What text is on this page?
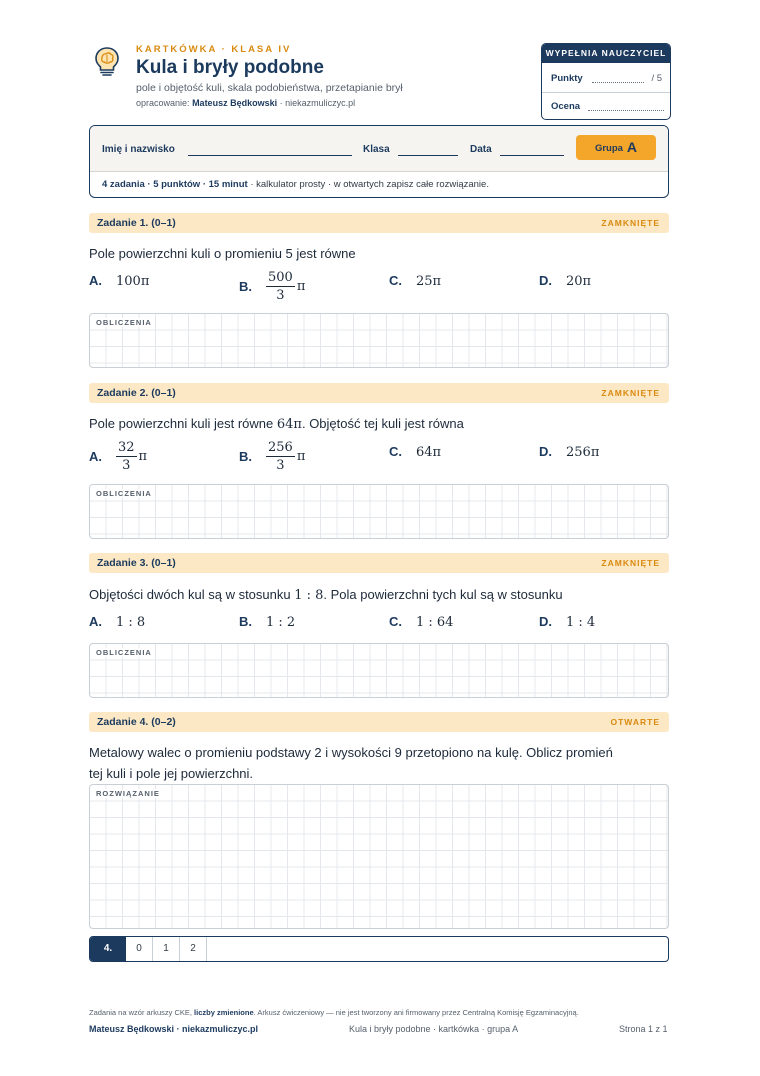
KARTKÓWKA · KLASA IV
Kula i bryły podobne
pole i objętość kuli, skala podobieństwa, przetapianie brył
opracowanie: Mateusz Będkowski · niekazmuliczyc.pl
WYPEŁNIA NAUCZYCIEL
Punkty	/ 5
Ocena
Imię i nazwisko	Klasa	Data	Grupa A
4 zadania · 5 punktów · 15 minut · kalkulator prosty · w otwartych zapisz całe rozwiązanie.
Zadanie 1. (0–1)	ZAMKNIĘTE
Pole powierzchni kuli o promieniu 5 jest równe
A. 100π	B. $\frac{500}{3}$ π	C. 25π	D. 20π
OBLICZENIA
Zadanie 2. (0–1)	ZAMKNIĘTE
Pole powierzchni kuli jest równe 64π. Objętość tej kuli jest równa
A. $\frac{32}{3}$ π	B. $\frac{256}{3}$ π	C. 64π	D. 256π
OBLICZENIA
Zadanie 3. (0–1)	ZAMKNIĘTE
Objętości dwóch kul są w stosunku 1 : 8. Pola powierzchni tych kul są w stosunku
A. 1 : 8	B. 1 : 2	C. 1 : 64	D. 1 : 4
OBLICZENIA
Zadanie 4. (0–2)	OTWARTE
Metalowy walec o promieniu podstawy 2 i wysokości 9 przetopiono na kulę. Oblicz promień
tej kuli i pole jej powierzchni.
ROZWIĄZANIE
4.	0	1	2
Zadania na wzór arkuszy CKE, liczby zmienione. Arkusz ćwiczeniowy — nie jest tworzony ani firmowany przez Centralną Komisję Egzaminacyjną.
Mateusz Będkowski · niekazmuliczyc.pl	Kula i bryły podobne · kartkówka · grupa A	Strona 1 z 1
